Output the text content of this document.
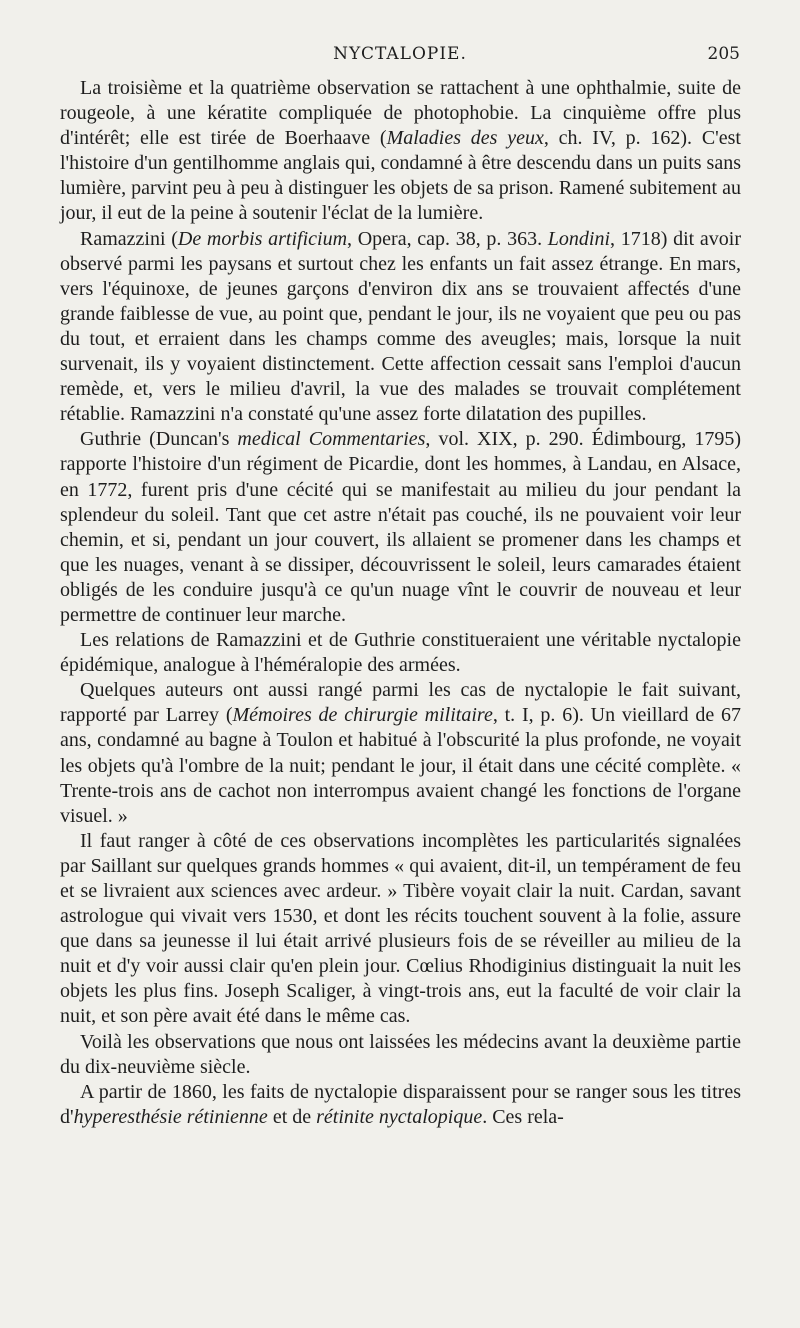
NYCTALOPIE.	205

La troisième et la quatrième observation se rattachent à une ophthalmie, suite de rougeole, à une kératite compliquée de photophobie. La cinquième offre plus d'intérêt; elle est tirée de Boerhaave (Maladies des yeux, ch. IV, p. 162). C'est l'histoire d'un gentilhomme anglais qui, condamné à être descendu dans un puits sans lumière, parvint peu à peu à distinguer les objets de sa prison. Ramené subitement au jour, il eut de la peine à soutenir l'éclat de la lumière.

Ramazzini (De morbis artificium, Opera, cap. 38, p. 363. Londini, 1718) dit avoir observé parmi les paysans et surtout chez les enfants un fait assez étrange. En mars, vers l'équinoxe, de jeunes garçons d'environ dix ans se trouvaient affectés d'une grande faiblesse de vue, au point que, pendant le jour, ils ne voyaient que peu ou pas du tout, et erraient dans les champs comme des aveugles; mais, lorsque la nuit survenait, ils y voyaient distinctement. Cette affection cessait sans l'emploi d'aucun remède, et, vers le milieu d'avril, la vue des malades se trouvait complétement rétablie. Ramazzini n'a constaté qu'une assez forte dilatation des pupilles.

Guthrie (Duncan's medical Commentaries, vol. XIX, p. 290. Édimbourg, 1795) rapporte l'histoire d'un régiment de Picardie, dont les hommes, à Landau, en Alsace, en 1772, furent pris d'une cécité qui se manifestait au milieu du jour pendant la splendeur du soleil. Tant que cet astre n'était pas couché, ils ne pouvaient voir leur chemin, et si, pendant un jour couvert, ils allaient se promener dans les champs et que les nuages, venant à se dissiper, découvrissent le soleil, leurs camarades étaient obligés de les conduire jusqu'à ce qu'un nuage vînt le couvrir de nouveau et leur permettre de continuer leur marche.

Les relations de Ramazzini et de Guthrie constitueraient une véritable nyctalopie épidémique, analogue à l'héméralopie des armées.

Quelques auteurs ont aussi rangé parmi les cas de nyctalopie le fait suivant, rapporté par Larrey (Mémoires de chirurgie militaire, t. I, p. 6). Un vieillard de 67 ans, condamné au bagne à Toulon et habitué à l'obscurité la plus profonde, ne voyait les objets qu'à l'ombre de la nuit; pendant le jour, il était dans une cécité complète. « Trente-trois ans de cachot non interrompus avaient changé les fonctions de l'organe visuel. »

Il faut ranger à côté de ces observations incomplètes les particularités signalées par Saillant sur quelques grands hommes « qui avaient, dit-il, un tempérament de feu et se livraient aux sciences avec ardeur. » Tibère voyait clair la nuit. Cardan, savant astrologue qui vivait vers 1530, et dont les récits touchent souvent à la folie, assure que dans sa jeunesse il lui était arrivé plusieurs fois de se réveiller au milieu de la nuit et d'y voir aussi clair qu'en plein jour. Cœlius Rhodiginius distinguait la nuit les objets les plus fins. Joseph Scaliger, à vingt-trois ans, eut la faculté de voir clair la nuit, et son père avait été dans le même cas.

Voilà les observations que nous ont laissées les médecins avant la deuxième partie du dix-neuvième siècle.

A partir de 1860, les faits de nyctalopie disparaissent pour se ranger sous les titres d'hyperesthésie rétinienne et de rétinite nyctalopique. Ces rela-
